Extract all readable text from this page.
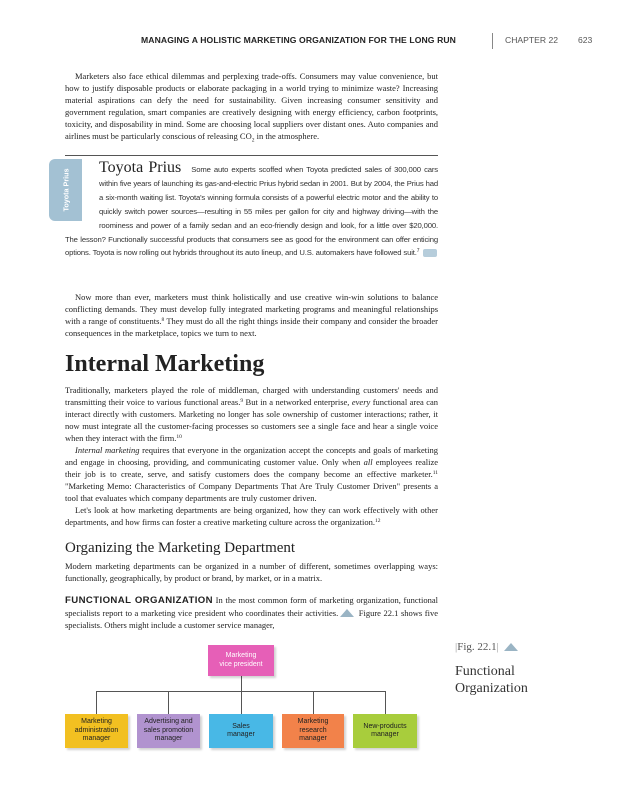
MANAGING A HOLISTIC MARKETING ORGANIZATION FOR THE LONG RUN	CHAPTER 22 623

Marketers also face ethical dilemmas and perplexing trade-offs. Consumers may value convenience, but how to justify disposable products or elaborate packaging in a world trying to minimize waste? Increasing material aspirations can defy the need for sustainability. Given increasing consumer sensitivity and government regulation, smart companies are creatively designing with energy efficiency, carbon footprints, toxicity, and disposability in mind. Some are choosing local suppliers over distant ones. Auto companies and airlines must be particularly conscious of releasing $CO_2$ in the atmosphere.

Toyota Prius

Toyota Prius Some auto experts scoffed when Toyota predicted sales of 300,000 cars within five years of launching its gas-and-electric Prius hybrid sedan in 2001. But by 2004, the Prius had a six-month waiting list. Toyota's winning formula consists of a powerful electric motor and the ability to quickly switch power sources—resulting in 55 miles per gallon for city and highway driving—with the roominess and power of a family sedan and an eco-friendly design and look, for a little over $20,000. The lesson? Functionally successful products that consumers see as good for the environment can offer enticing options. Toyota is now rolling out hybrids throughout its auto lineup, and U.S. automakers have followed suit.$^7$

Now more than ever, marketers must think holistically and use creative win-win solutions to balance conflicting demands. They must develop fully integrated marketing programs and meaningful relationships with a range of constituents.$^8$ They must do all the right things inside their company and consider the broader consequences in the marketplace, topics we turn to next.

Internal Marketing

Traditionally, marketers played the role of middleman, charged with understanding customers' needs and transmitting their voice to various functional areas.$^9$ But in a networked enterprise, every functional area can interact directly with customers. Marketing no longer has sole ownership of customer interactions; rather, it now must integrate all the customer-facing processes so customers see a single face and hear a single voice when they interact with the firm.$^{10}$

Internal marketing requires that everyone in the organization accept the concepts and goals of marketing and engage in choosing, providing, and communicating customer value. Only when all employees realize their job is to create, serve, and satisfy customers does the company become an effective marketer.$^{11}$ "Marketing Memo: Characteristics of Company Departments That Are Truly Customer Driven" presents a tool that evaluates which company departments are truly customer driven.

Let's look at how marketing departments are being organized, how they can work effectively with other departments, and how firms can foster a creative marketing culture across the organization.$^{12}$

Organizing the Marketing Department

Modern marketing departments can be organized in a number of different, sometimes overlapping ways: functionally, geographically, by product or brand, by market, or in a matrix.

FUNCTIONAL ORGANIZATION In the most common form of marketing organization, functional specialists report to a marketing vice president who coordinates their activities. Figure 22.1 shows five specialists. Others might include a customer service manager,

|Fig. 22.1|
Functional Organization
Marketing
vice president
Marketing
administration
manager
Advertising and
sales promotion
manager
Sales
manager
Marketing
research
manager
New-products
manager
